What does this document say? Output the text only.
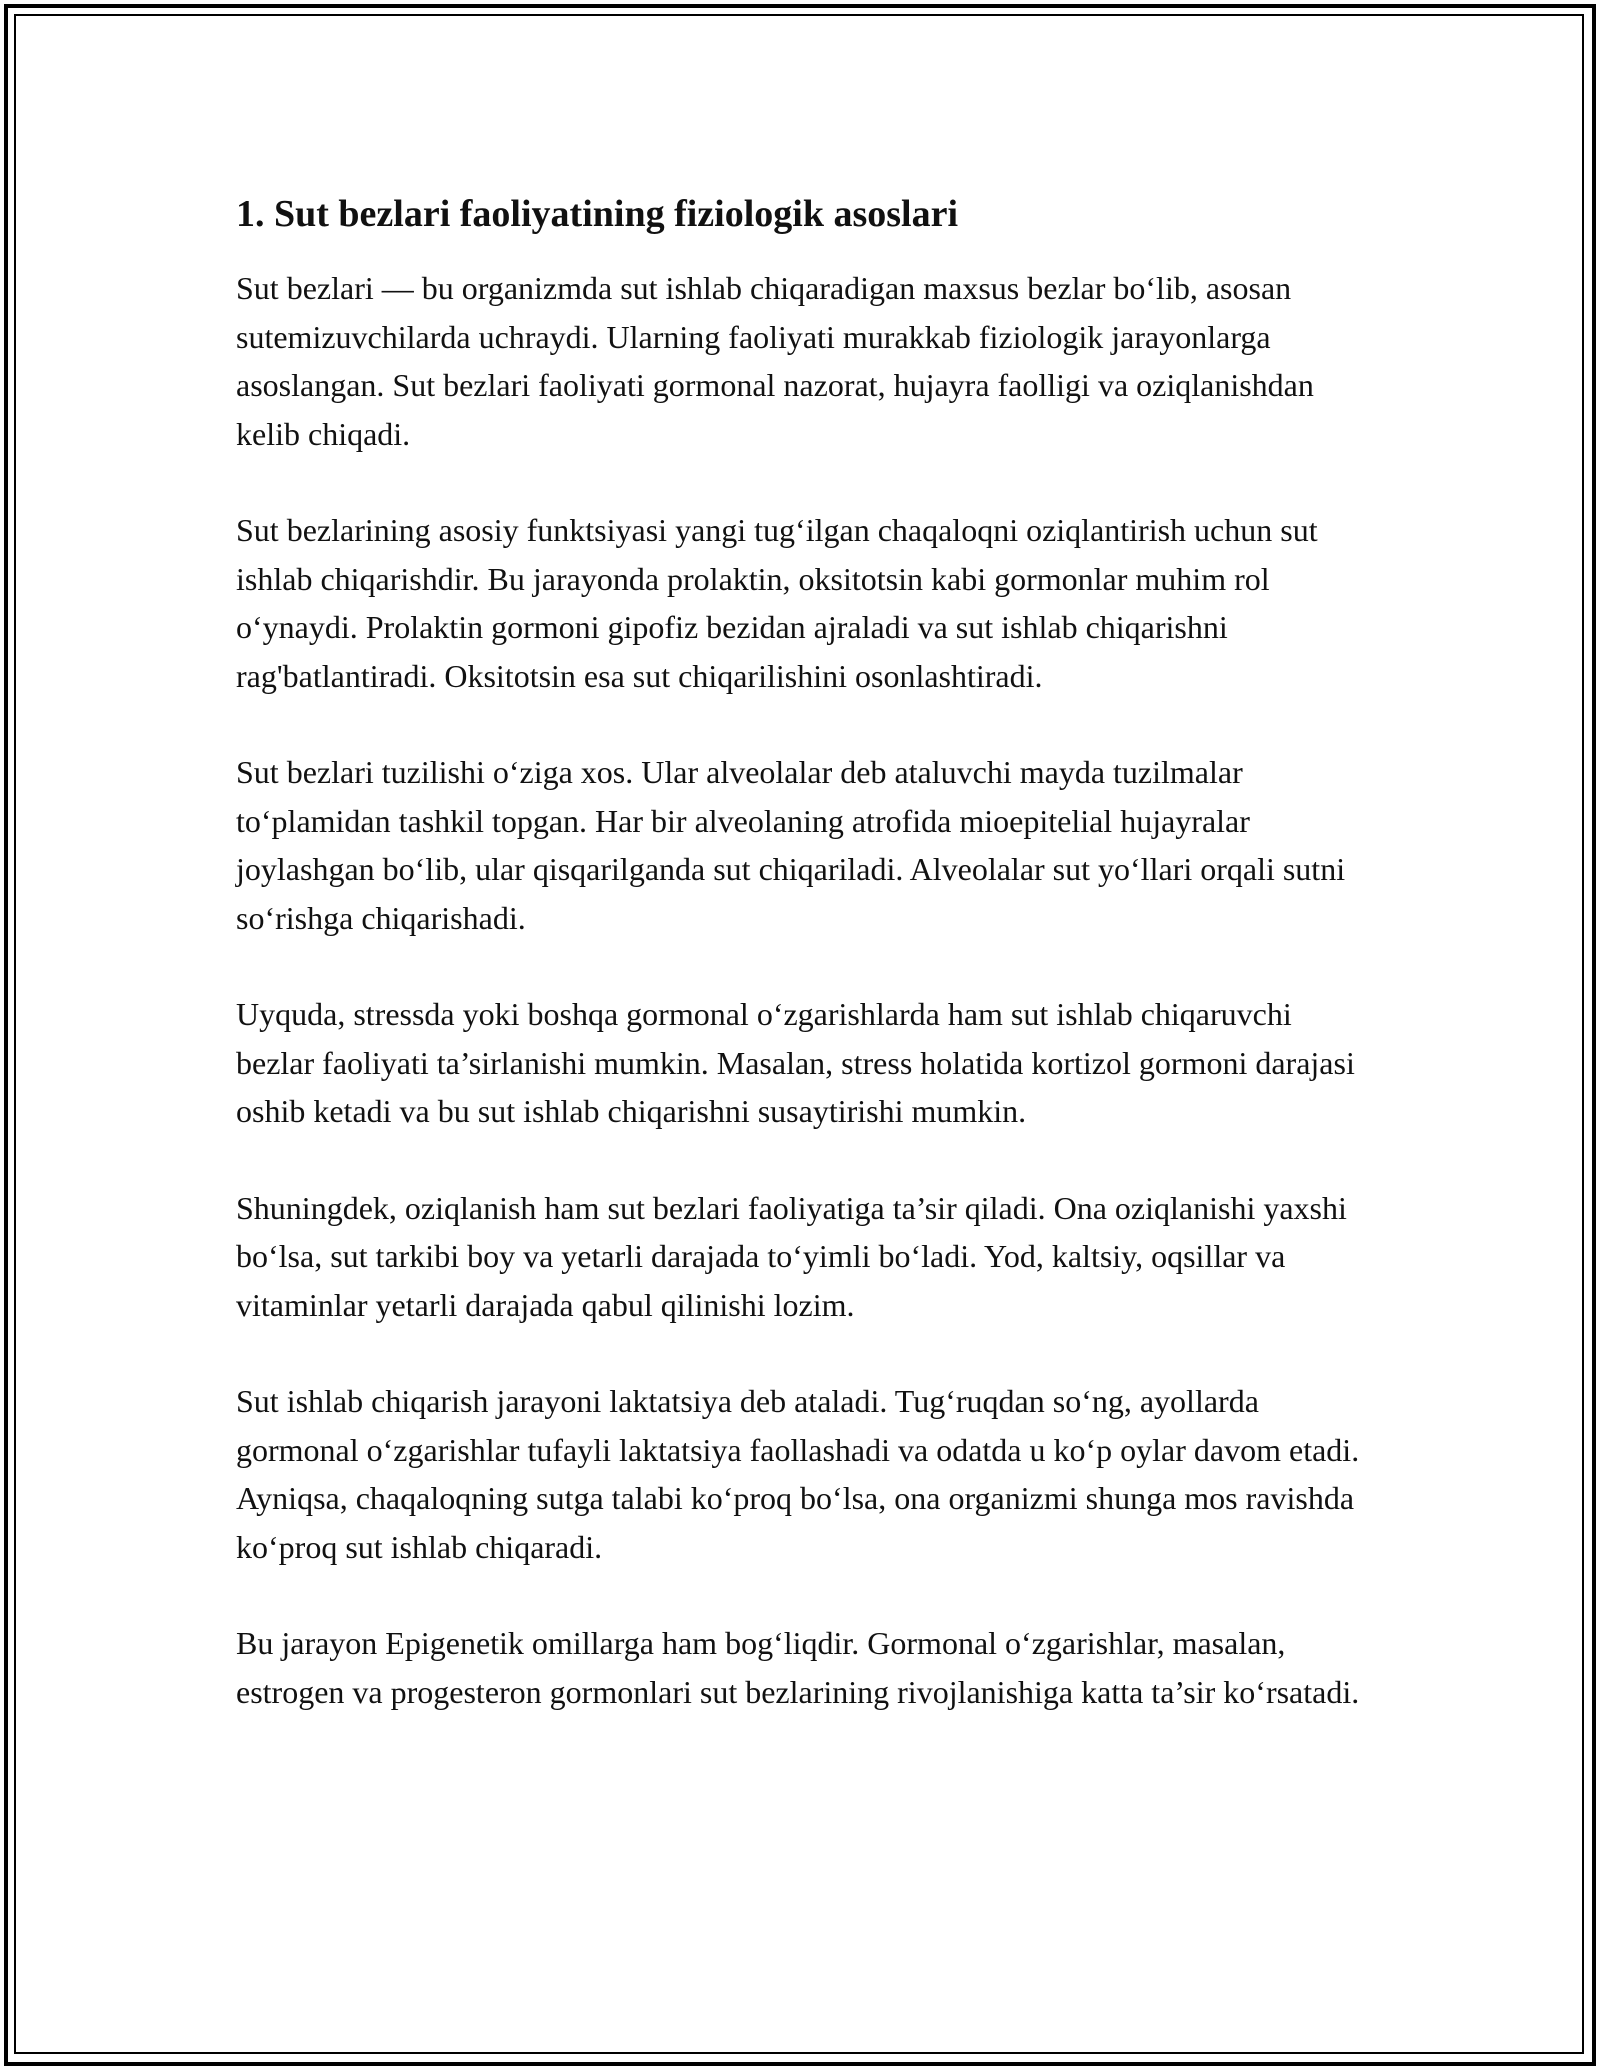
1. Sut bezlari faoliyatining fiziologik asoslari

Sut bezlari — bu organizmda sut ishlab chiqaradigan maxsus bezlar bo‘lib, asosan sutemizuvchilarda uchraydi. Ularning faoliyati murakkab fiziologik jarayonlarga asoslangan. Sut bezlari faoliyati gormonal nazorat, hujayra faolligi va oziqlanishdan kelib chiqadi.

Sut bezlarining asosiy funktsiyasi yangi tug‘ilgan chaqaloqni oziqlantirish uchun sut ishlab chiqarishdir. Bu jarayonda prolaktin, oksitotsin kabi gormonlar muhim rol o‘ynaydi. Prolaktin gormoni gipofiz bezidan ajraladi va sut ishlab chiqarishni rag'batlantiradi. Oksitotsin esa sut chiqarilishini osonlashtiradi.

Sut bezlari tuzilishi o‘ziga xos. Ular alveolalar deb ataluvchi mayda tuzilmalar to‘plamidan tashkil topgan. Har bir alveolaning atrofida mioepitelial hujayralar joylashgan bo‘lib, ular qisqarilganda sut chiqariladi. Alveolalar sut yo‘llari orqali sutni so‘rishga chiqarishadi.

Uyquda, stressda yoki boshqa gormonal o‘zgarishlarda ham sut ishlab chiqaruvchi bezlar faoliyati ta’sirlanishi mumkin. Masalan, stress holatida kortizol gormoni darajasi oshib ketadi va bu sut ishlab chiqarishni susaytirishi mumkin.

Shuningdek, oziqlanish ham sut bezlari faoliyatiga ta’sir qiladi. Ona oziqlanishi yaxshi bo‘lsa, sut tarkibi boy va yetarli darajada to‘yimli bo‘ladi. Yod, kaltsiy, oqsillar va vitaminlar yetarli darajada qabul qilinishi lozim.

Sut ishlab chiqarish jarayoni laktatsiya deb ataladi. Tug‘ruqdan so‘ng, ayollarda gormonal o‘zgarishlar tufayli laktatsiya faollashadi va odatda u ko‘p oylar davom etadi. Ayniqsa, chaqaloqning sutga talabi ko‘proq bo‘lsa, ona organizmi shunga mos ravishda ko‘proq sut ishlab chiqaradi.

Bu jarayon Epigenetik omillarga ham bog‘liqdir. Gormonal o‘zgarishlar, masalan, estrogen va progesteron gormonlari sut bezlarining rivojlanishiga katta ta’sir ko‘rsatadi.
